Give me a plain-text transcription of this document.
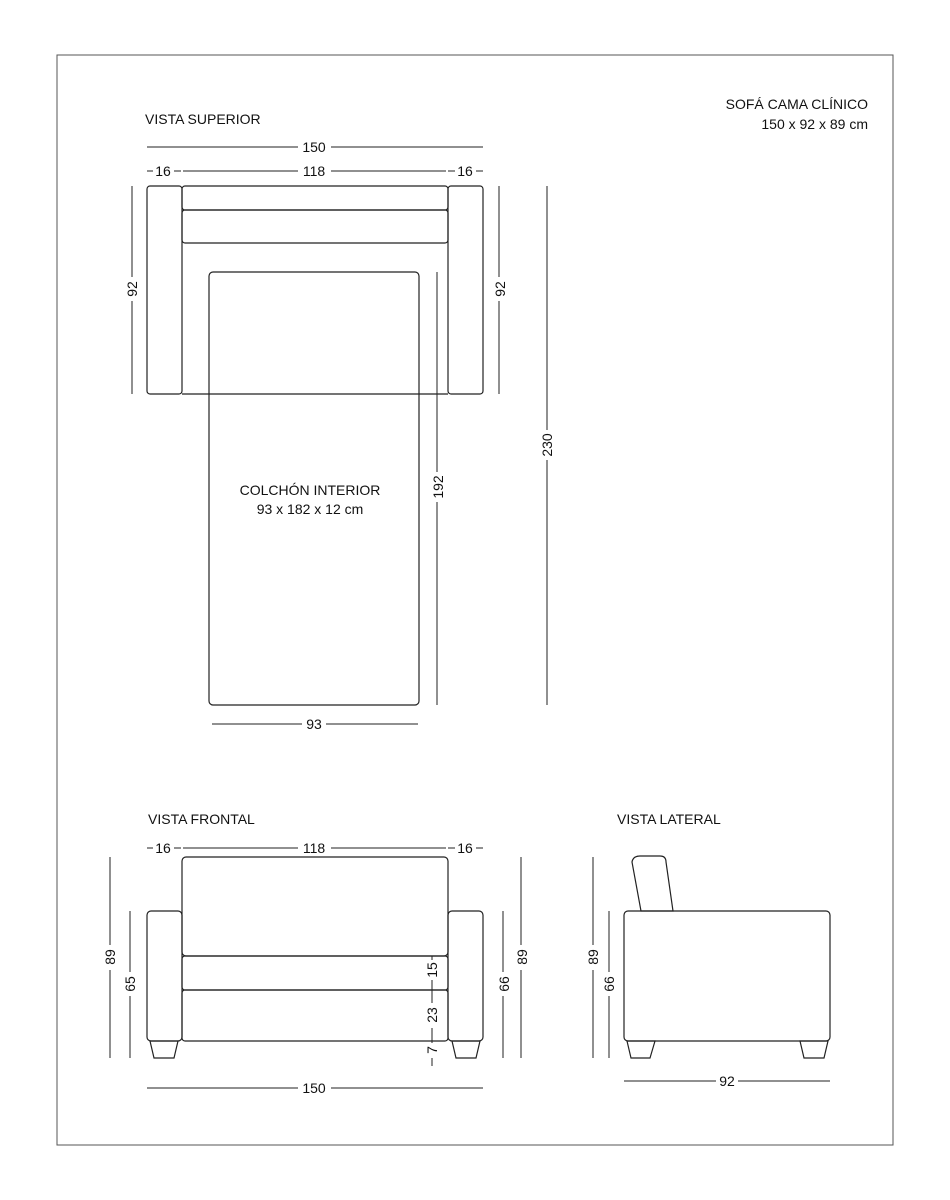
SOFÁ CAMA CLÍNICO
150 x 92 x 89 cm
VISTA SUPERIOR
150
16	118	16
COLCHÓN INTERIOR
93 x 182 x 12 cm
92	92
192
230
93
VISTA FRONTAL
16	118	16
89
65
15
23
7
66
89
150
VISTA LATERAL
89
66
92
